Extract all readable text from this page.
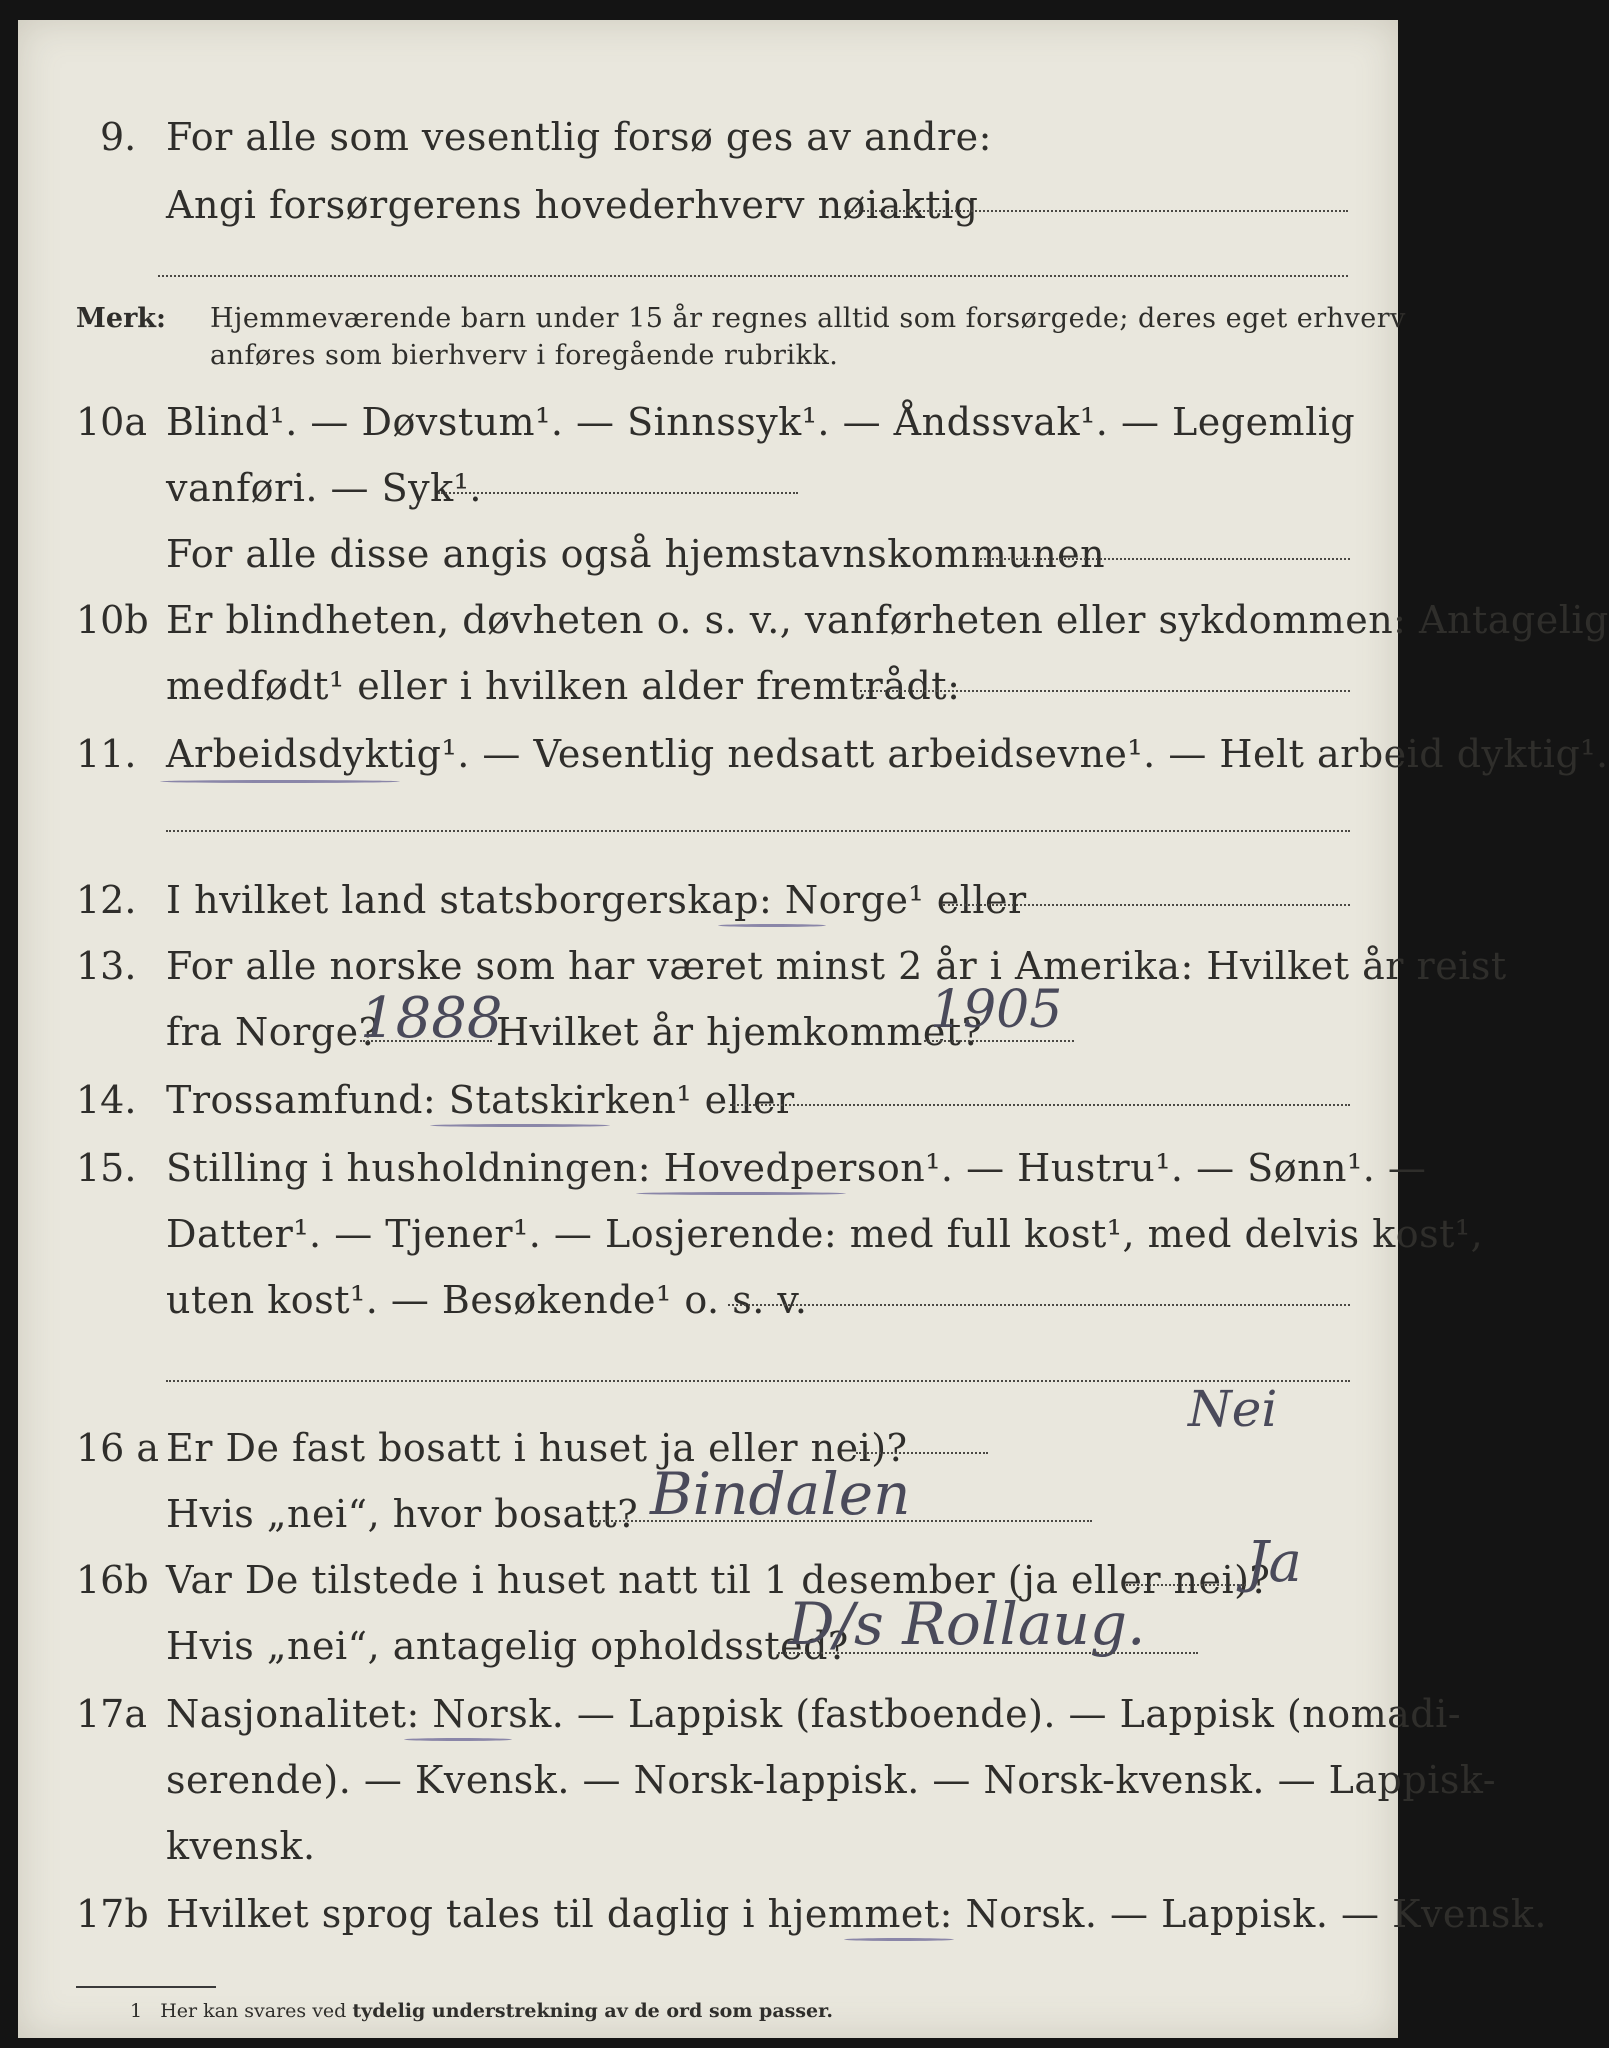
9. For alle som vesentlig forsø ges av andre:
Angi forsørgerens hovederhverv nøiaktig
Merk: Hjemmeværende barn under 15 år regnes alltid som forsørgede; deres eget erhverv
anføres som bierhverv i foregående rubrikk.
10a Blind¹. — Døvstum¹. — Sinnssyk¹. — Åndssvak¹. — Legemlig
vanføri. — Syk¹.
For alle disse angis også hjemstavnskommunen
10b Er blindheten, døvheten o. s. v., vanførheten eller sykdommen: Antagelig
medfødt¹ eller i hvilken alder fremtrådt:
11. Arbeidsdyktig¹. — Vesentlig nedsatt arbeidsevne¹. — Helt arbeid dyktig¹.
12. I hvilket land statsborgerskap: Norge¹ eller
13. For alle norske som har været minst 2 år i Amerika: Hvilket år reist
fra Norge?
1888
Hvilket år hjemkommet?
1905
14. Trossamfund: Statskirken¹ eller
15. Stilling i husholdningen: Hovedperson¹. — Hustru¹. — Sønn¹. —
Datter¹. — Tjener¹. — Losjerende: med full kost¹, med delvis kost¹,
uten kost¹. — Besøkende¹ o. s. v.
16 a Er De fast bosatt i huset ja eller nei)?
Nei
Hvis „nei“, hvor bosatt? Bindalen
16b Var De tilstede i huset natt til 1 desember (ja eller nei)?
Ja
Hvis „nei“, antagelig opholdssted?
D/s Rollaug.
17a Nasjonalitet: Norsk. — Lappisk (fastboende). — Lappisk (nomadi-
serende). — Kvensk. — Norsk-lappisk. — Norsk-kvensk. — Lappisk-
kvensk.
17b Hvilket sprog tales til daglig i hjemmet: Norsk. — Lappisk. — Kvensk.
1 Her kan svares ved tydelig understrekning av de ord som passer.
